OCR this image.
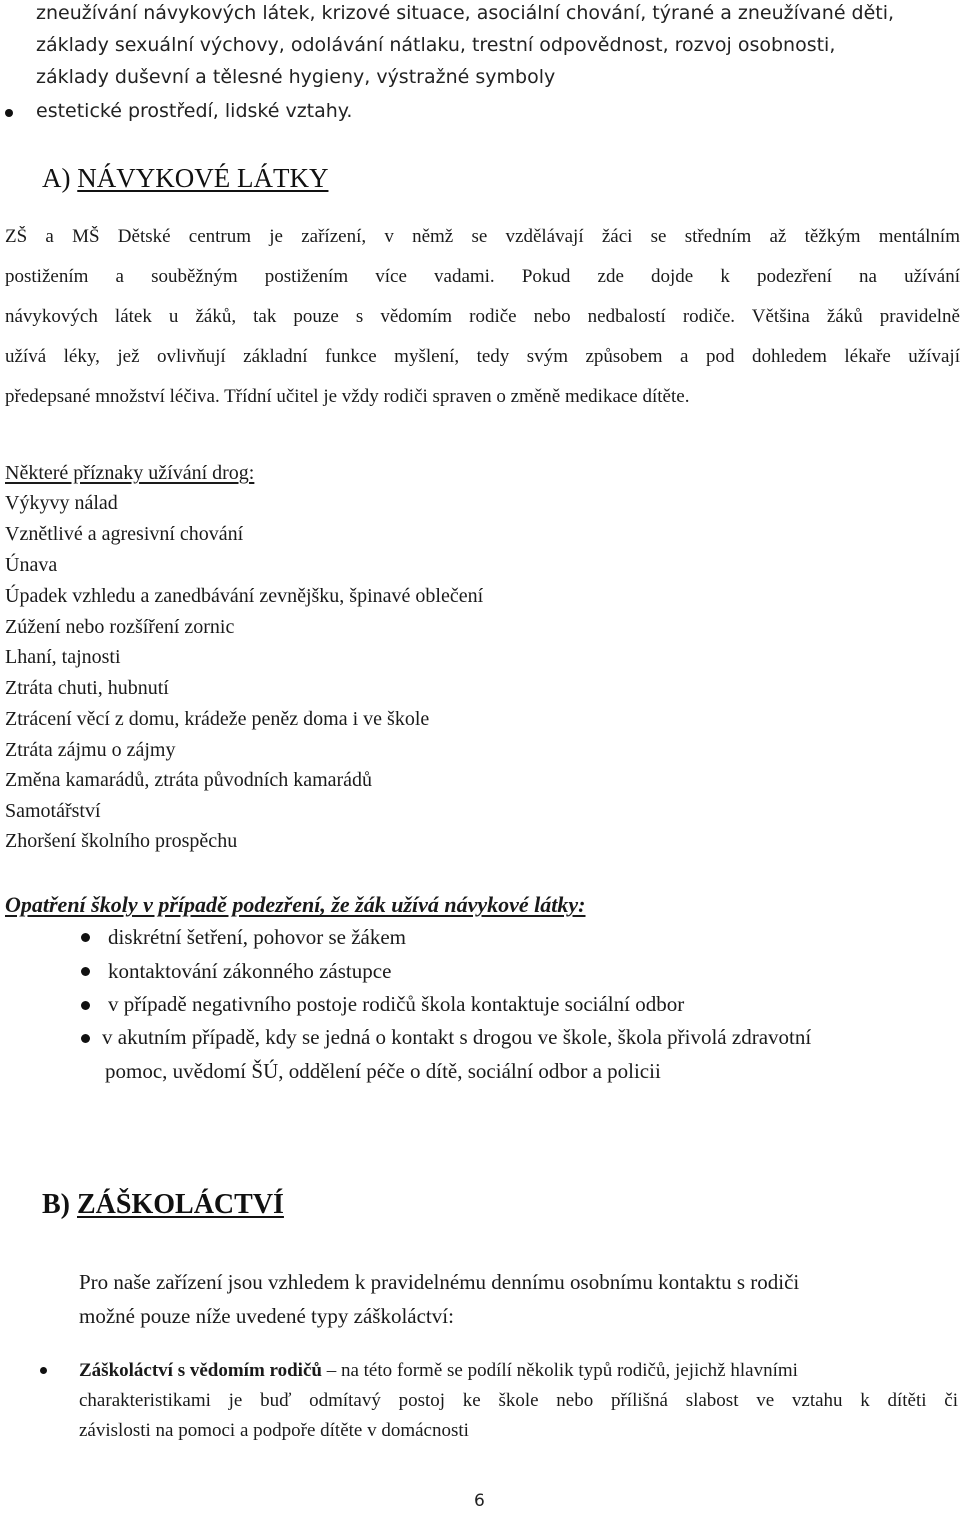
zneužívání návykových látek, krizové situace, asociální chování, týrané a zneužívané děti,
základy sexuální výchovy, odolávání nátlaku, trestní odpovědnost, rozvoj osobnosti,
základy duševní a tělesné hygieny, výstražné symboly
estetické prostředí, lidské vztahy.
A) NÁVYKOVÉ LÁTKY
ZŠ a MŠ Dětské centrum je zařízení, v němž se vzdělávají žáci se středním až těžkým mentálním
postižením a souběžným postižením více vadami. Pokud zde dojde k podezření na užívání
návykových látek u žáků, tak pouze s vědomím rodiče nebo nedbalostí rodiče. Většina žáků pravidelně
užívá léky, jež ovlivňují základní funkce myšlení, tedy svým způsobem a pod dohledem lékaře užívají
předepsané množství léčiva. Třídní učitel je vždy rodiči spraven o změně medikace dítěte.
Některé příznaky užívání drog:
Výkyvy nálad
Vznětlivé a agresivní chování
Únava
Úpadek vzhledu a zanedbávání zevnějšku, špinavé oblečení
Zúžení nebo rozšíření zornic
Lhaní, tajnosti
Ztráta chuti, hubnutí
Ztrácení věcí z domu, krádeže peněz doma i ve škole
Ztráta zájmu o zájmy
Změna kamarádů, ztráta původních kamarádů
Samotářství
Zhoršení školního prospěchu
Opatření školy v případě podezření, že žák užívá návykové látky:
diskrétní šetření, pohovor se žákem
kontaktování zákonného zástupce
v případě negativního postoje rodičů škola kontaktuje sociální odbor
v akutním případě, kdy se jedná o kontakt s drogou ve škole, škola přivolá zdravotní
pomoc, uvědomí ŠÚ, oddělení péče o dítě, sociální odbor a policii
B) ZÁŠKOLÁCTVÍ
Pro naše zařízení jsou vzhledem k pravidelnému dennímu osobnímu kontaktu s rodiči
možné pouze níže uvedené typy záškoláctví:
Záškoláctví s vědomím rodičů – na této formě se podílí několik typů rodičů, jejichž hlavními
charakteristikami je buď odmítavý postoj ke škole nebo přílišná slabost ve vztahu k dítěti či
závislosti na pomoci a podpoře dítěte v domácnosti
6
